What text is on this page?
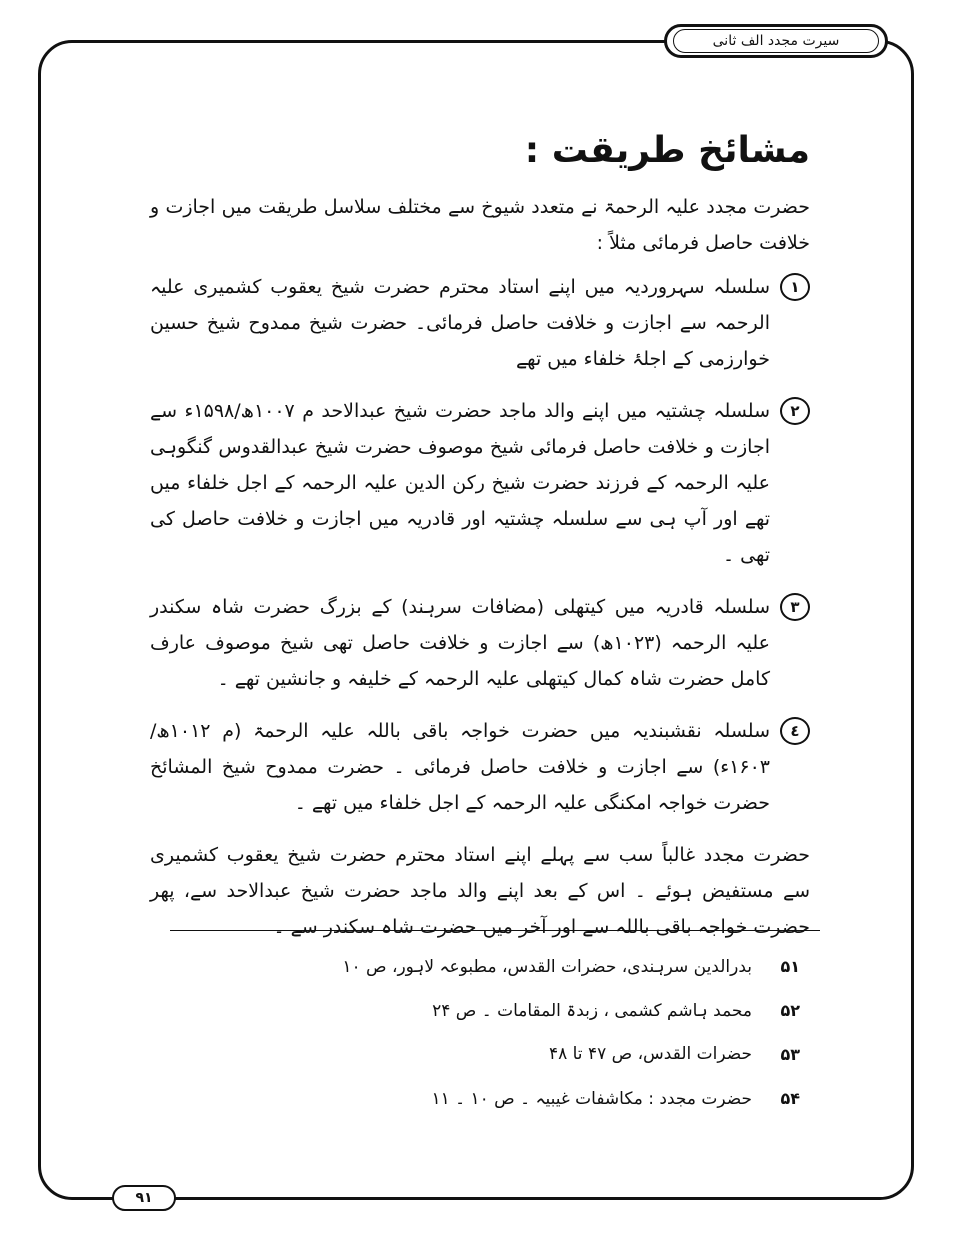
سیرت مجدد الف ثانی
مشائخ طریقت :

حضرت مجدد علیہ الرحمۃ نے متعدد شیوخ سے مختلف سلاسل طریقت میں اجازت و خلافت حاصل فرمائی مثلاً :

١
سلسلہ سہروردیہ میں اپنے استاد محترم حضرت شیخ یعقوب کشمیری علیہ الرحمہ سے اجازت و خلافت حاصل فرمائی۔ حضرت شیخ ممدوح شیخ حسین خوارزمی کے اجلۂ خلفاء میں تھے
٢
سلسلہ چشتیہ میں اپنے والد ماجد حضرت شیخ عبدالاحد م ۱۰۰۷ھ/۱۵۹۸ء سے اجازت و خلافت حاصل فرمائی شیخ موصوف حضرت شیخ عبدالقدوس گنگوہی علیہ الرحمہ کے فرزند حضرت شیخ رکن الدین علیہ الرحمہ کے اجل خلفاء میں تھے اور آپ ہی سے سلسلہ چشتیہ اور قادریہ میں اجازت و خلافت حاصل کی تھی ۔
٣
سلسلہ قادریہ میں کیتھلی (مضافات سرہند) کے بزرگ حضرت شاہ سکندر علیہ الرحمہ (۱۰۲۳ھ) سے اجازت و خلافت حاصل تھی شیخ موصوف عارف کامل حضرت شاہ کمال کیتھلی علیہ الرحمہ کے خلیفہ و جانشین تھے ۔
٤
سلسلہ نقشبندیہ میں حضرت خواجہ باقی باللہ علیہ الرحمۃ (م ۱۰۱۲ھ/۱۶۰۳ء) سے اجازت و خلافت حاصل فرمائی ۔ حضرت ممدوح شیخ المشائخ حضرت خواجہ امکنگی علیہ الرحمہ کے اجل خلفاء میں تھے ۔

حضرت مجدد غالباً سب سے پہلے اپنے استاد محترم حضرت شیخ یعقوب کشمیری سے مستفیض ہوئے ۔ اس کے بعد اپنے والد ماجد حضرت شیخ عبدالاحد سے، پھر حضرت خواجہ باقی باللہ سے اور آخر میں حضرت شاہ سکندر سے ۔

۵۱
بدرالدین سرہندی، حضرات القدس، مطبوعہ لاہور، ص ۱۰
۵۲
محمد ہاشم کشمی ، زبدۃ المقامات ۔ ص ۲۴
۵۳
حضرات القدس، ص ۴۷ تا ۴۸
۵۴
حضرت مجدد : مکاشفات غیبیہ ۔ ص ۱۰ ۔ ۱۱
۹۱
